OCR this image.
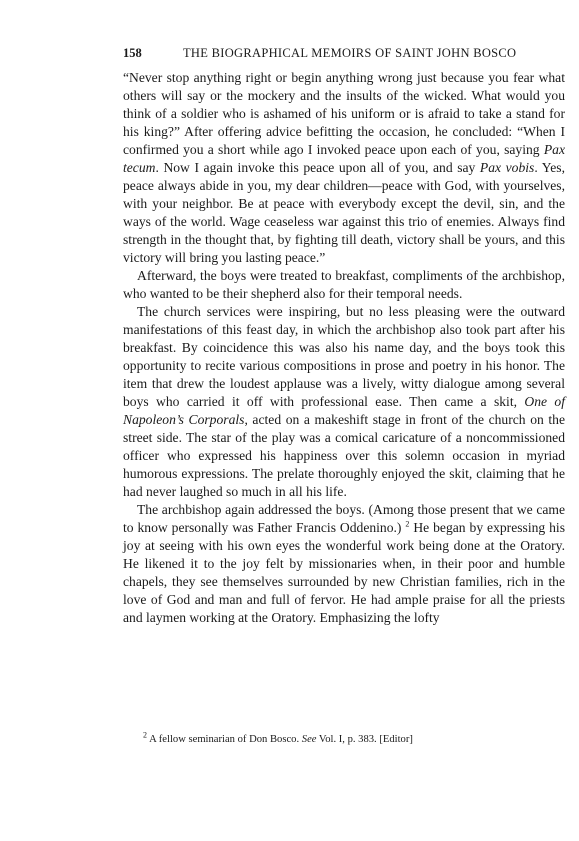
158	THE BIOGRAPHICAL MEMOIRS OF SAINT JOHN BOSCO

“Never stop anything right or begin anything wrong just because you fear what others will say or the mockery and the insults of the wicked. What would you think of a soldier who is ashamed of his uniform or is afraid to take a stand for his king?” After offering advice befitting the occasion, he concluded: “When I confirmed you a short while ago I invoked peace upon each of you, saying Pax tecum. Now I again invoke this peace upon all of you, and say Pax vobis. Yes, peace always abide in you, my dear children—peace with God, with yourselves, with your neighbor. Be at peace with everybody except the devil, sin, and the ways of the world. Wage ceaseless war against this trio of enemies. Always find strength in the thought that, by fighting till death, victory shall be yours, and this victory will bring you lasting peace.”

Afterward, the boys were treated to breakfast, compliments of the archbishop, who wanted to be their shepherd also for their temporal needs.

The church services were inspiring, but no less pleasing were the outward manifestations of this feast day, in which the archbishop also took part after his breakfast. By coincidence this was also his name day, and the boys took this opportunity to recite various compositions in prose and poetry in his honor. The item that drew the loudest applause was a lively, witty dialogue among several boys who carried it off with professional ease. Then came a skit, One of Napoleon’s Corporals, acted on a makeshift stage in front of the church on the street side. The star of the play was a comical caricature of a noncommissioned officer who expressed his happiness over this solemn occasion in myriad humorous expressions. The prelate thoroughly enjoyed the skit, claiming that he had never laughed so much in all his life.

The archbishop again addressed the boys. (Among those present that we came to know personally was Father Francis Oddenino.) $^2$ He began by expressing his joy at seeing with his own eyes the wonderful work being done at the Oratory. He likened it to the joy felt by missionaries when, in their poor and humble chapels, they see themselves surrounded by new Christian families, rich in the love of God and man and full of fervor. He had ample praise for all the priests and laymen working at the Oratory. Emphasizing the lofty

$^2$ A fellow seminarian of Don Bosco. See Vol. I, p. 383. [Editor]
